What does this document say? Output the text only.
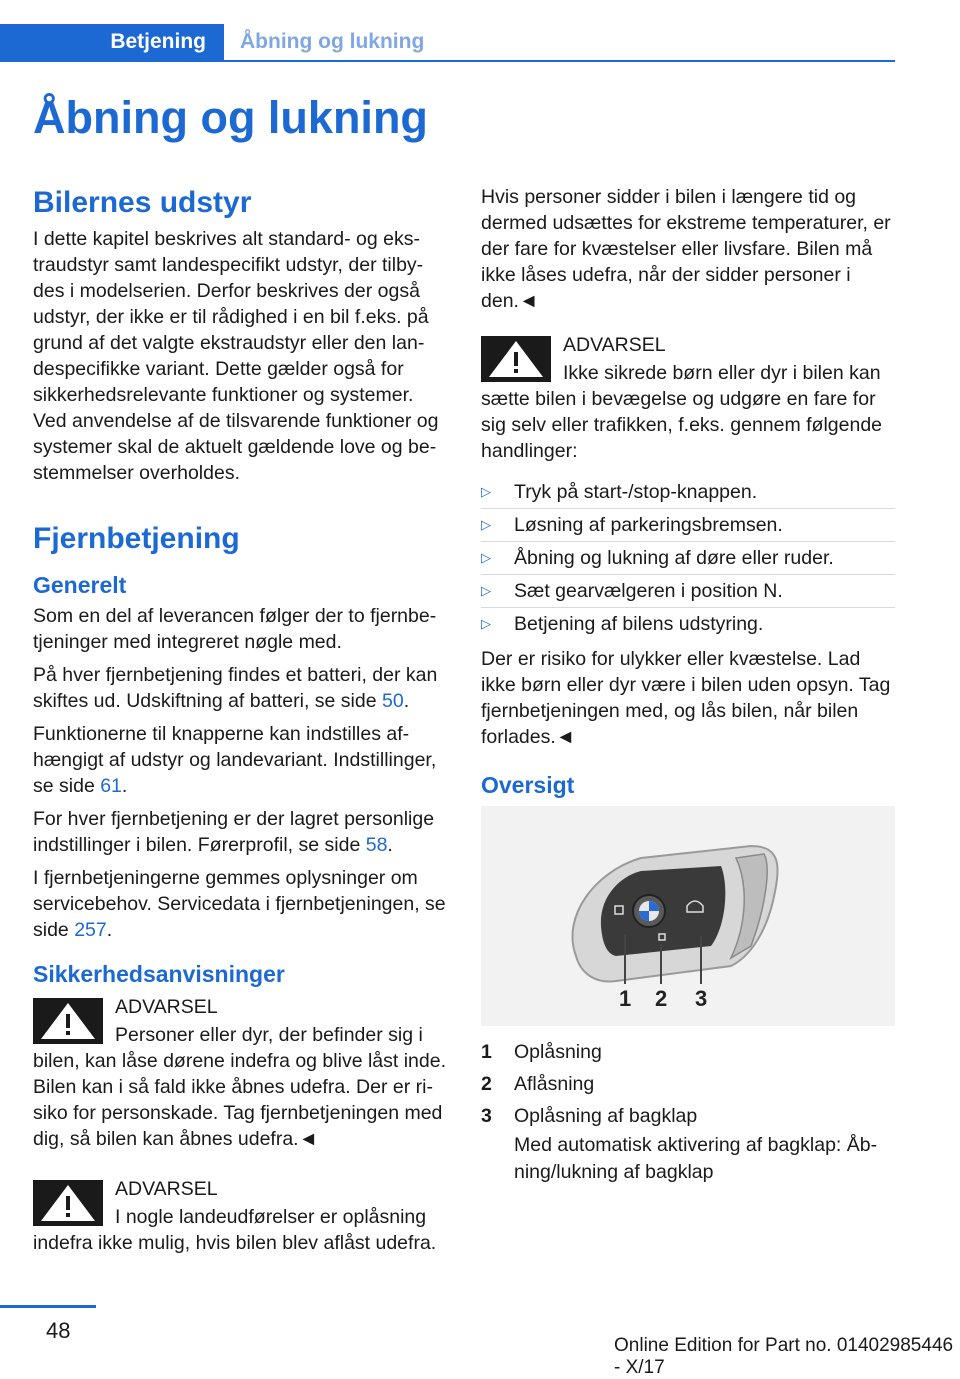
Betjening	Åbning og lukning
Åbning og lukning
Bilernes udstyr

I dette kapitel beskrives alt standard- og ekstraudstyr samt landespecifikt udstyr, der tilbydes i modelserien. Derfor beskrives der også udstyr, der ikke er til rådighed i en bil f.eks. på grund af det valgte ekstraudstyr eller den landespecifikke variant. Dette gælder også for sikkerhedsrelevante funktioner og systemer. Ved anvendelse af de tilsvarende funktioner og systemer skal de aktuelt gældende love og bestemmelser overholdes.

Fjernbetjening
Generelt

Som en del af leverancen følger der to fjernbetjeninger med integreret nøgle med.

På hver fjernbetjening findes et batteri, der kan skiftes ud. Udskiftning af batteri, se side 50.

Funktionerne til knapperne kan indstilles afhængigt af udstyr og landevariant. Indstillinger, se side 61.

For hver fjernbetjening er der lagret personlige indstillinger i bilen. Førerprofil, se side 58.

I fjernbetjeningerne gemmes oplysninger om servicebehov. Servicedata i fjernbetjeningen, se side 257.

Sikkerhedsanvisninger
ADVARSEL
Personer eller dyr, der befinder sig i bilen, kan låse dørene indefra og blive låst inde. Bilen kan i så fald ikke åbnes udefra. Der er risiko for personskade. Tag fjernbetjeningen med dig, så bilen kan åbnes udefra.◄
ADVARSEL
I nogle landeudførelser er oplåsning indefra ikke mulig, hvis bilen blev aflåst udefra.

Hvis personer sidder i bilen i længere tid og dermed udsættes for ekstreme temperaturer, er der fare for kvæstelser eller livsfare. Bilen må ikke låses udefra, når der sidder personer i den.◄

ADVARSEL
Ikke sikrede børn eller dyr i bilen kan sætte bilen i bevægelse og udgøre en fare for sig selv eller trafikken, f.eks. gennem følgende handlinger:
▷ Tryk på start-/stop-knappen.
▷ Løsning af parkeringsbremsen.
▷ Åbning og lukning af døre eller ruder.
▷ Sæt gearvælgeren i position N.
▷ Betjening af bilens udstyring.

Der er risiko for ulykker eller kvæstelse. Lad ikke børn eller dyr være i bilen uden opsyn. Tag fjernbetjeningen med, og lås bilen, når bilen forlades.◄

Oversigt
1 2 3
1	Oplåsning
2	Aflåsning
3	Oplåsning af bagklap
Med automatisk aktivering af bagklap: Åbning/lukning af bagklap
48
Online Edition for Part no. 01402985446 - X/17
